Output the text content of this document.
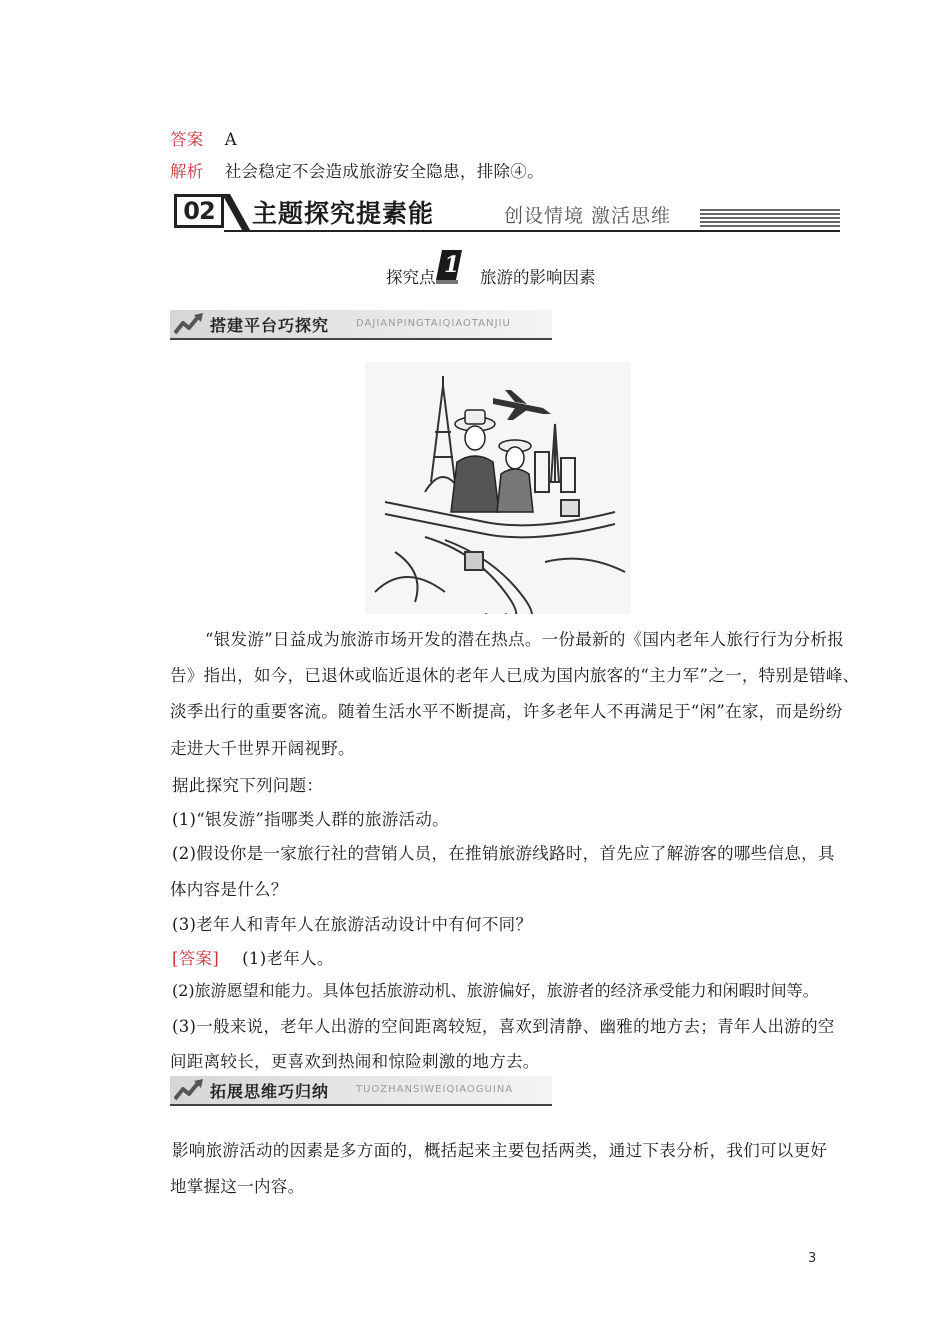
答案 A
解析 社会稳定不会造成旅游安全隐患，排除④。
02	主题探究提素能	创设情境 激活思维
探究点 1 旅游的影响因素
搭建平台巧探究	DAJIANPINGTAIQIAOTANJIU
“银发游”日益成为旅游市场开发的潜在热点。一份最新的《国内老年人旅行行为分析报
告》指出，如今，已退休或临近退休的老年人已成为国内旅客的“主力军”之一，特别是错峰、
淡季出行的重要客流。随着生活水平不断提高，许多老年人不再满足于“闲”在家，而是纷纷
走进大千世界开阔视野。
据此探究下列问题：
(1)“银发游”指哪类人群的旅游活动。
(2)假设你是一家旅行社的营销人员，在推销旅游线路时，首先应了解游客的哪些信息，具
体内容是什么？
(3)老年人和青年人在旅游活动设计中有何不同？
[答案] (1)老年人。
(2)旅游愿望和能力。具体包括旅游动机、旅游偏好，旅游者的经济承受能力和闲暇时间等。
(3)一般来说，老年人出游的空间距离较短，喜欢到清静、幽雅的地方去；青年人出游的空
间距离较长，更喜欢到热闹和惊险刺激的地方去。
拓展思维巧归纳	TUOZHANSIWEIQIAOGUINA
影响旅游活动的因素是多方面的，概括起来主要包括两类，通过下表分析，我们可以更好
地掌握这一内容。
3
